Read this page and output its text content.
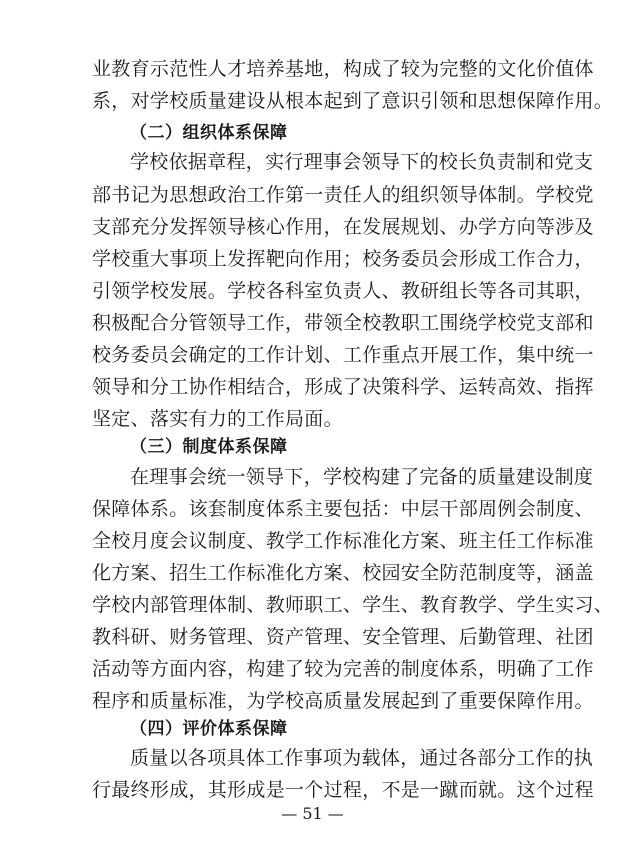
业教育示范性人才培养基地，构成了较为完整的文化价值体
系，对学校质量建设从根本起到了意识引领和思想保障作用。
（二）组织体系保障
学校依据章程，实行理事会领导下的校长负责制和党支
部书记为思想政治工作第一责任人的组织领导体制。学校党
支部充分发挥领导核心作用，在发展规划、办学方向等涉及
学校重大事项上发挥靶向作用；校务委员会形成工作合力，
引领学校发展。学校各科室负责人、教研组长等各司其职，
积极配合分管领导工作，带领全校教职工围绕学校党支部和
校务委员会确定的工作计划、工作重点开展工作，集中统一
领导和分工协作相结合，形成了决策科学、运转高效、指挥
坚定、落实有力的工作局面。
（三）制度体系保障
在理事会统一领导下，学校构建了完备的质量建设制度
保障体系。该套制度体系主要包括：中层干部周例会制度、
全校月度会议制度、教学工作标准化方案、班主任工作标准
化方案、招生工作标准化方案、校园安全防范制度等，涵盖
学校内部管理体制、教师职工、学生、教育教学、学生实习、
教科研、财务管理、资产管理、安全管理、后勤管理、社团
活动等方面内容，构建了较为完善的制度体系，明确了工作
程序和质量标准，为学校高质量发展起到了重要保障作用。
（四）评价体系保障
质量以各项具体工作事项为载体，通过各部分工作的执
行最终形成，其形成是一个过程，不是一蹴而就。这个过程
— 51 —
